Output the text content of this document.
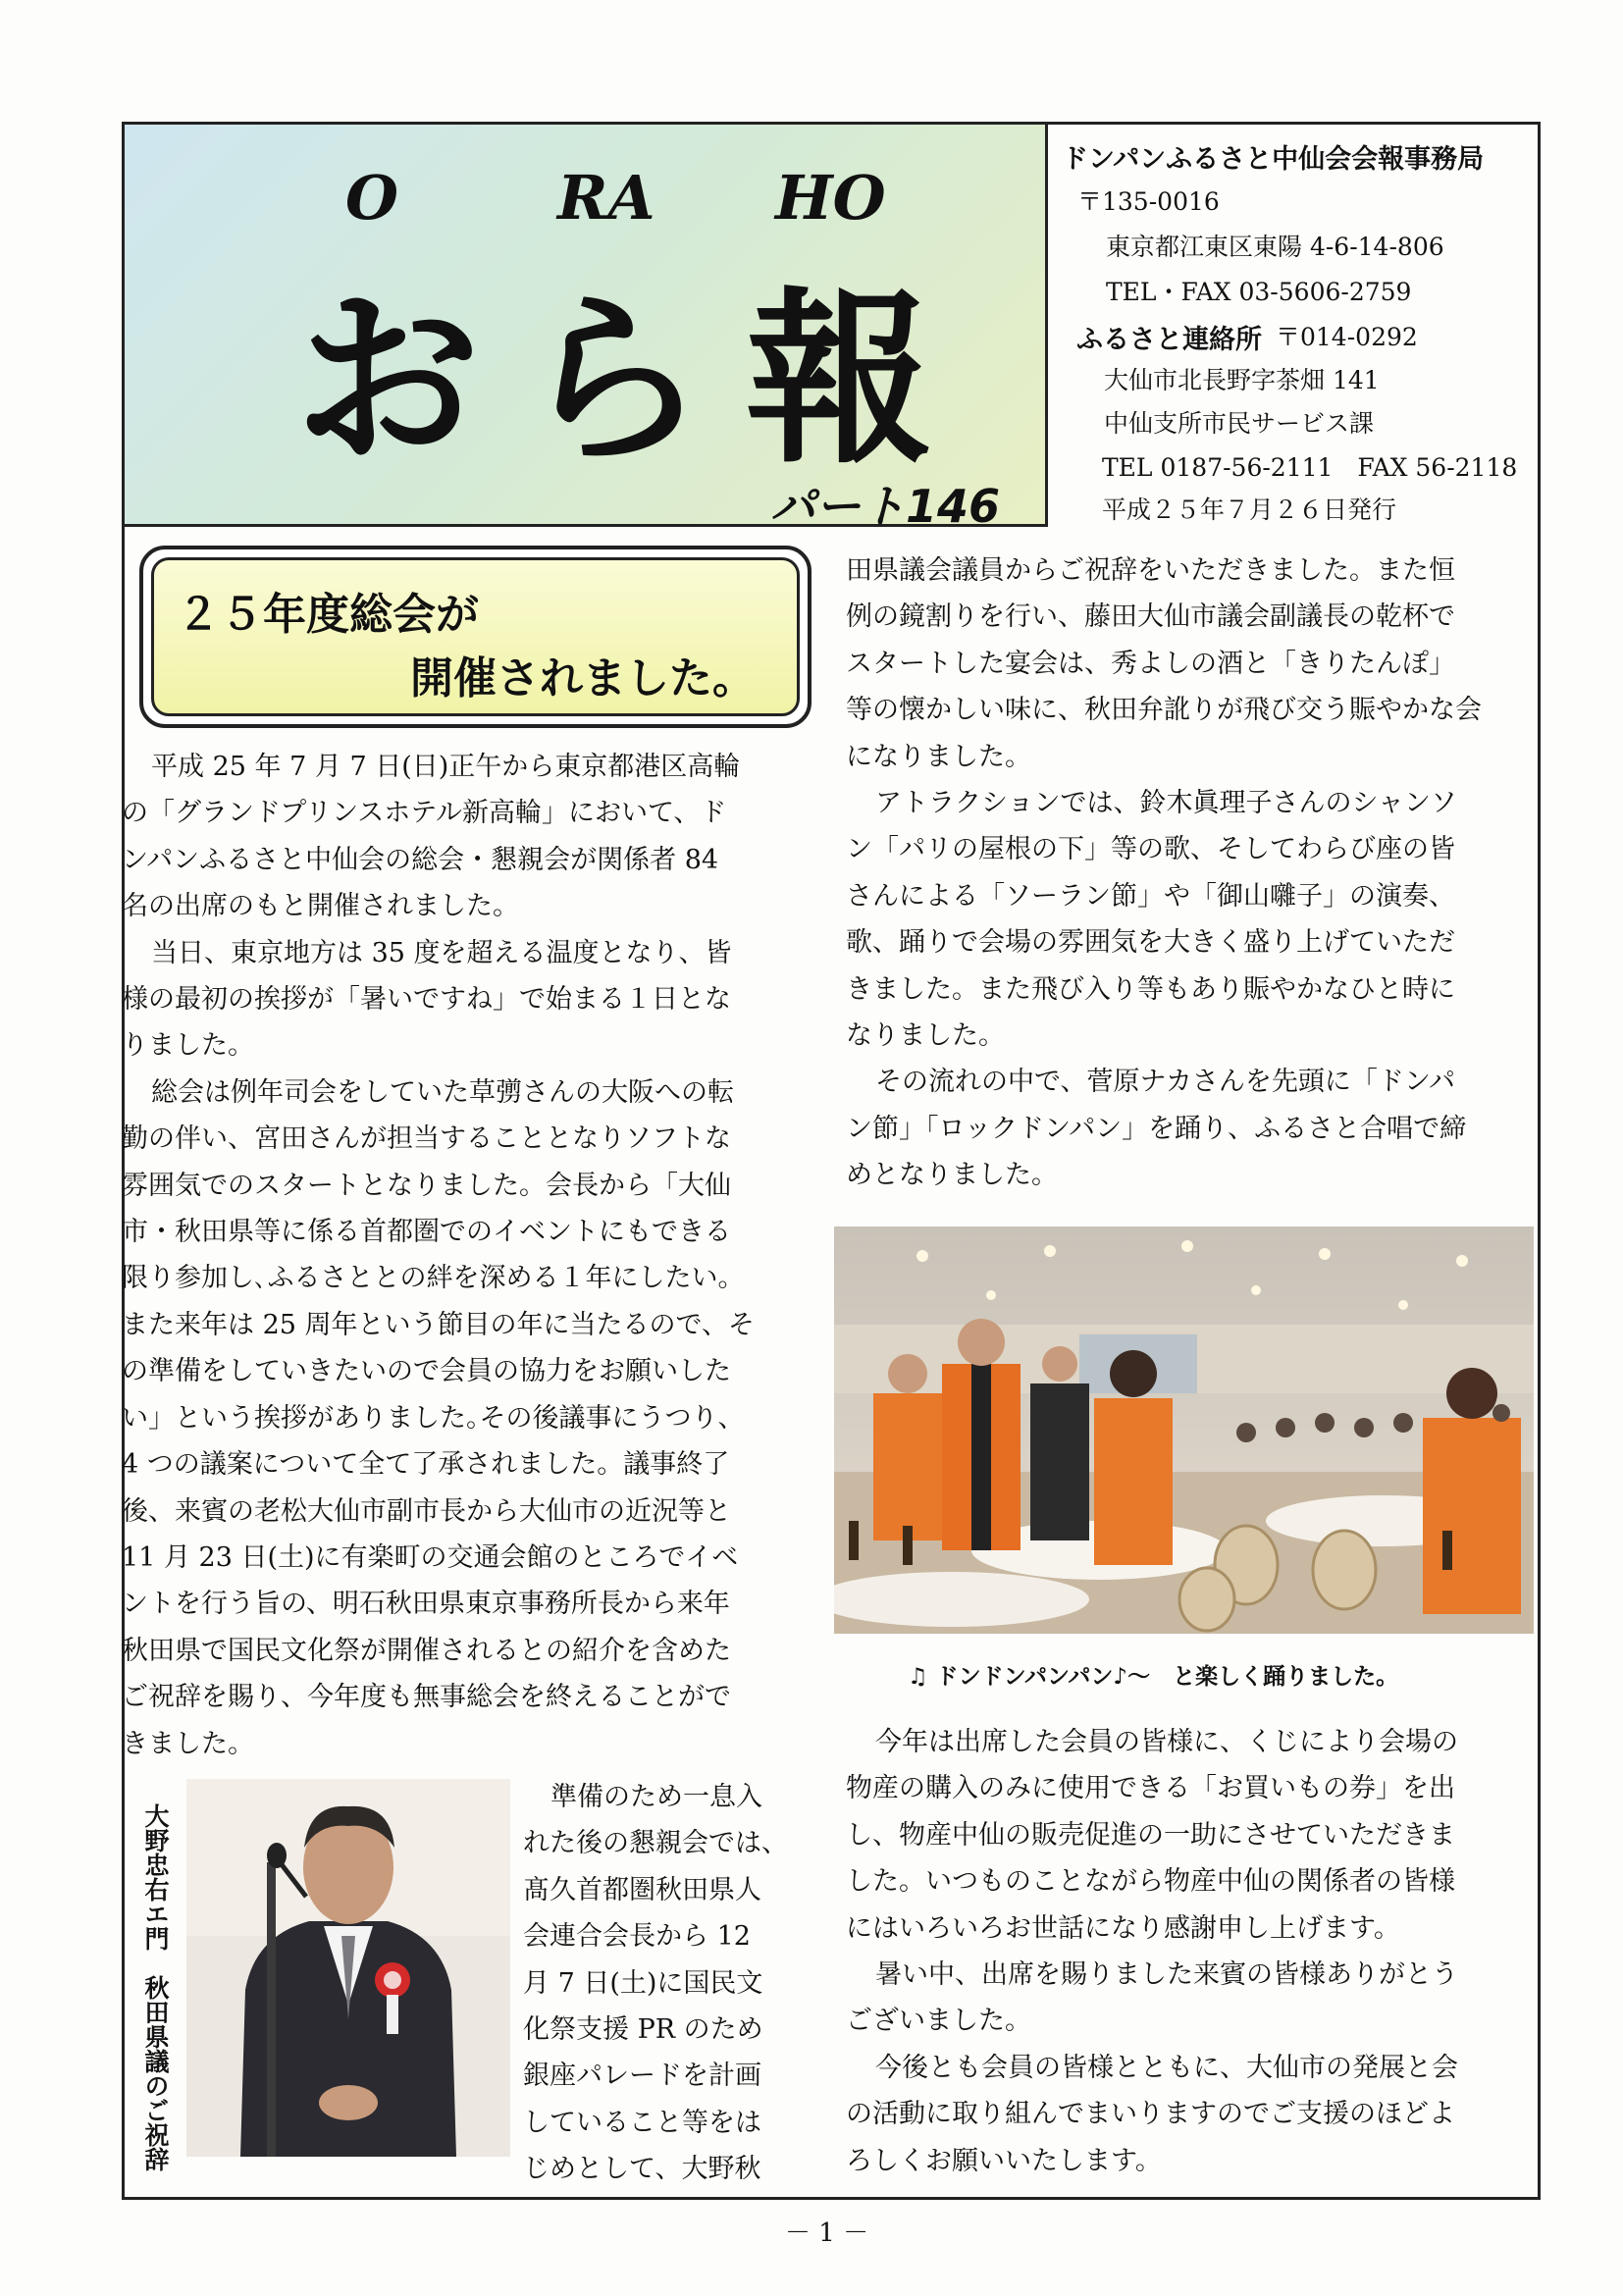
O	RA HO
おら報
パート146
ドンパンふるさと中仙会会報事務局
〒135-0016
東京都江東区東陽 4-6-14-806
TEL・FAX 03-5606-2759
ふるさと連絡所 〒014-0292
大仙市北長野字茶畑 141
中仙支所市民サービス課
TEL 0187-56-2111　FAX 56-2118
平成２５年７月２６日発行
２５年度総会が
開催されました。

平成 25 年 7 月 7 日(日)正午から東京都港区高輪
の「グランドプリンスホテル新高輪」において、ド
ンパンふるさと中仙会の総会・懇親会が関係者 84
名の出席のもと開催されました。

当日、東京地方は 35 度を超える温度となり、皆
様の最初の挨拶が「暑いですね」で始まる１日とな
りました。

総会は例年司会をしていた草彅さんの大阪への転
勤の伴い、宮田さんが担当することとなりソフトな
雰囲気でのスタートとなりました。会長から「大仙
市・秋田県等に係る首都圏でのイベントにもできる
限り参加し､ふるさととの絆を深める１年にしたい｡
また来年は 25 周年という節目の年に当たるので、そ
の準備をしていきたいので会員の協力をお願いした
い」という挨拶がありました｡その後議事にうつり、
4 つの議案について全て了承されました。議事終了
後、来賓の老松大仙市副市長から大仙市の近況等と
11 月 23 日(土)に有楽町の交通会館のところでイベ
ントを行う旨の、明石秋田県東京事務所長から来年
秋田県で国民文化祭が開催されるとの紹介を含めた
ご祝辞を賜り、今年度も無事総会を終えることがで
きました。

大野忠右エ門　秋田県議のご祝辞

準備のため一息入
れた後の懇親会では、
髙久首都圏秋田県人
会連合会長から 12
月 7 日(土)に国民文
化祭支援 PR のため
銀座パレードを計画
していること等をは
じめとして、大野秋

田県議会議員からご祝辞をいただきました。また恒
例の鏡割りを行い、藤田大仙市議会副議長の乾杯で
スタートした宴会は、秀よしの酒と「きりたんぽ」
等の懐かしい味に、秋田弁訛りが飛び交う賑やかな会
になりました。

アトラクションでは、鈴木眞理子さんのシャンソ
ン「パリの屋根の下」等の歌、そしてわらび座の皆
さんによる「ソーラン節」や「御山囃子」の演奏、
歌、踊りで会場の雰囲気を大きく盛り上げていただ
きました。また飛び入り等もあり賑やかなひと時に
なりました。

その流れの中で、菅原ナカさんを先頭に「ドンパ
ン節」「ロックドンパン」を踊り、ふるさと合唱で締
めとなりました。

♫ ドンドンパンパン♪～　と楽しく踊りました。

今年は出席した会員の皆様に、くじにより会場の
物産の購入のみに使用できる「お買いもの券」を出
し、物産中仙の販売促進の一助にさせていただきま
した。いつものことながら物産中仙の関係者の皆様
にはいろいろお世話になり感謝申し上げます。

暑い中、出席を賜りました来賓の皆様ありがとう
ございました。

今後とも会員の皆様とともに、大仙市の発展と会
の活動に取り組んでまいりますのでご支援のほどよ
ろしくお願いいたします。

－ 1 －
